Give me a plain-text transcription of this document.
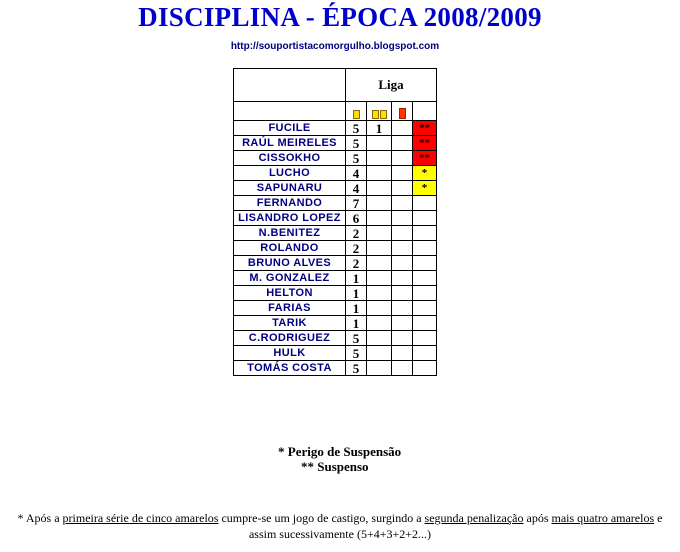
DISCIPLINA - ÉPOCA 2008/2009
http://souportistacomorgulho.blogspot.com
	Liga			

FUCILE	5	1		**
RAÚL MEIRELES	5			**
CISSOKHO	5			**
LUCHO	4			*
SAPUNARU	4			*
FERNANDO	7			
LISANDRO LOPEZ	6			
N.BENITEZ	2			
ROLANDO	2			
BRUNO ALVES	2			
M. GONZALEZ	1			
HELTON	1			
FARIAS	1			
TARIK	1			
C.RODRIGUEZ	5			
HULK	5			
TOMÁS COSTA	5			
* Perigo de Suspensão
** Suspenso
* Após a primeira série de cinco amarelos cumpre-se um jogo de castigo, surgindo a segunda penalização após mais quatro amarelos e assim sucessivamente (5+4+3+2+2...)
